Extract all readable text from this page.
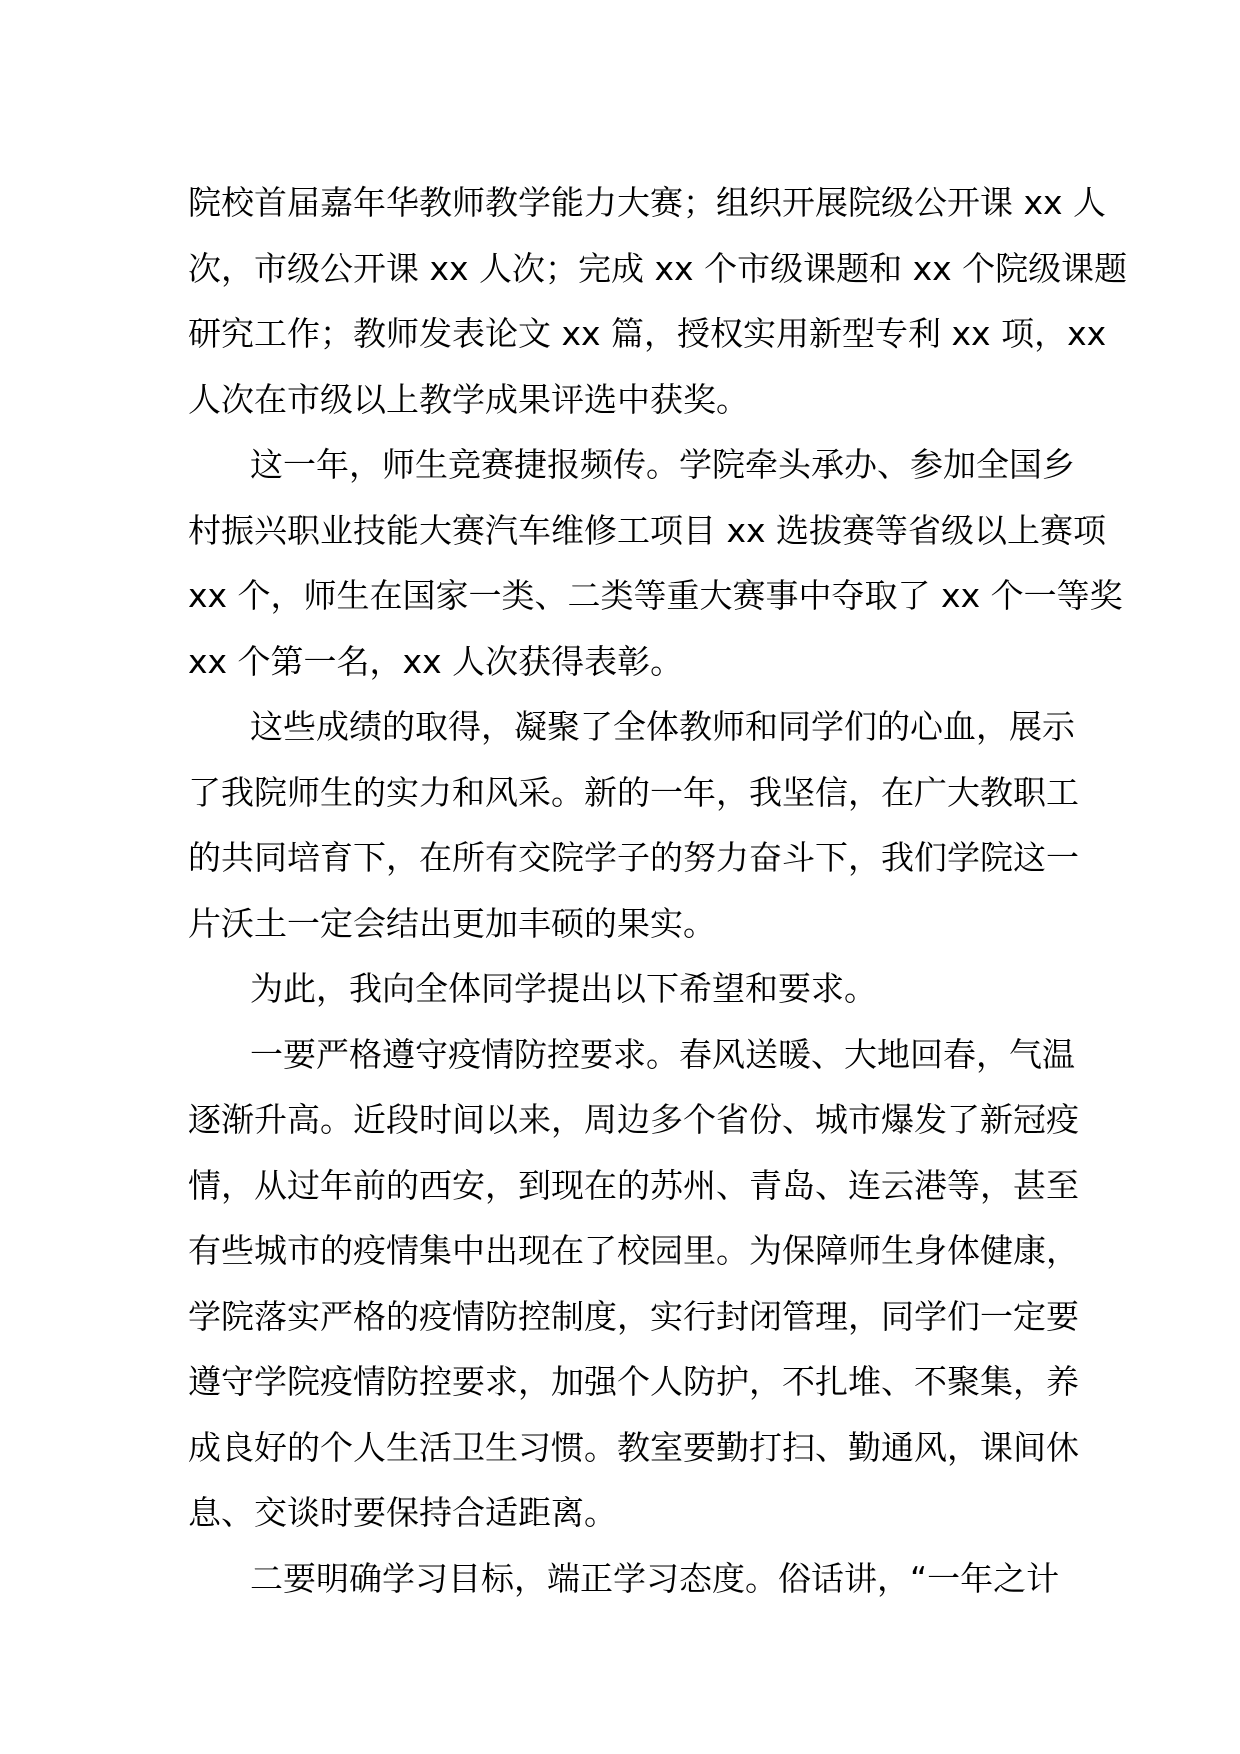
院校首届嘉年华教师教学能力大赛；组织开展院级公开课 xx 人
次，市级公开课 xx 人次；完成 xx 个市级课题和 xx 个院级课题
研究工作；教师发表论文 xx 篇，授权实用新型专利 xx 项，xx
人次在市级以上教学成果评选中获奖。
这一年，师生竞赛捷报频传。学院牵头承办、参加全国乡
村振兴职业技能大赛汽车维修工项目 xx 选拔赛等省级以上赛项
xx 个，师生在国家一类、二类等重大赛事中夺取了 xx 个一等奖
xx 个第一名，xx 人次获得表彰。
这些成绩的取得，凝聚了全体教师和同学们的心血，展示
了我院师生的实力和风采。新的一年，我坚信，在广大教职工
的共同培育下，在所有交院学子的努力奋斗下，我们学院这一
片沃土一定会结出更加丰硕的果实。
为此，我向全体同学提出以下希望和要求。
一要严格遵守疫情防控要求。春风送暖、大地回春，气温
逐渐升高。近段时间以来，周边多个省份、城市爆发了新冠疫
情，从过年前的西安，到现在的苏州、青岛、连云港等，甚至
有些城市的疫情集中出现在了校园里。为保障师生身体健康，
学院落实严格的疫情防控制度，实行封闭管理，同学们一定要
遵守学院疫情防控要求，加强个人防护，不扎堆、不聚集，养
成良好的个人生活卫生习惯。教室要勤打扫、勤通风，课间休
息、交谈时要保持合适距离。
二要明确学习目标，端正学习态度。俗话讲，“一年之计
